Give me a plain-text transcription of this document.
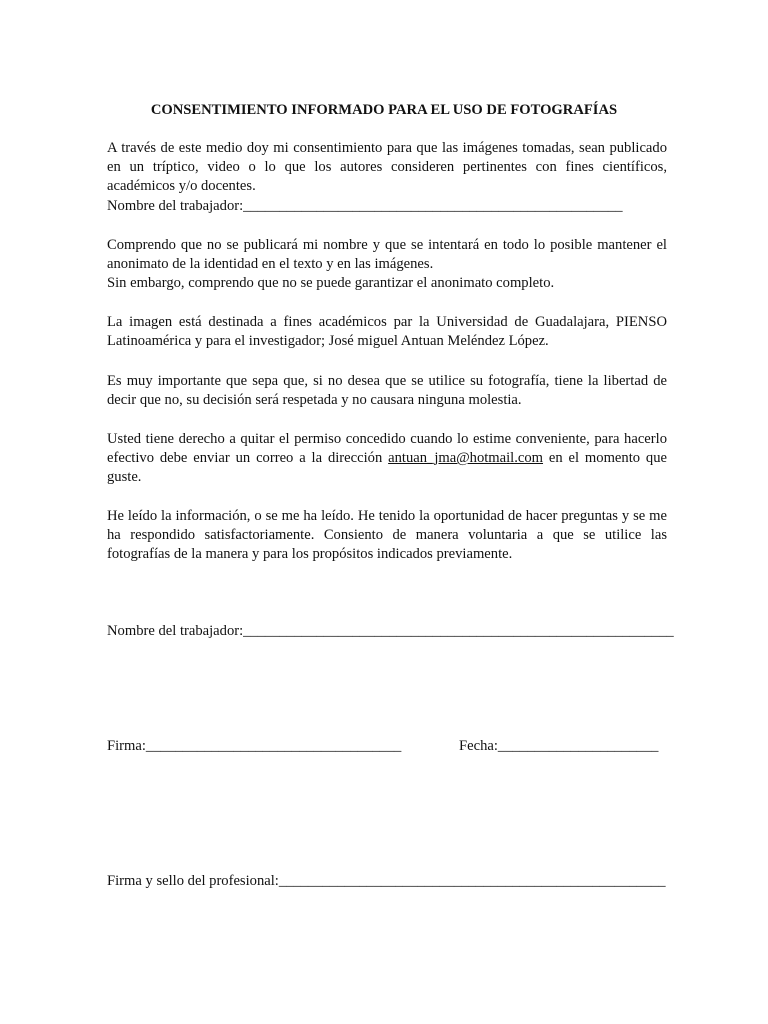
CONSENTIMIENTO INFORMADO PARA EL USO DE FOTOGRAFÍAS

A través de este medio doy mi consentimiento para que las imágenes tomadas, sean publicado en un tríptico, video o lo que los autores consideren pertinentes con fines científicos, académicos y/o docentes.

Nombre del trabajador:____________________________________________________

Comprendo que no se publicará mi nombre y que se intentará en todo lo posible mantener el anonimato de la identidad en el texto y en las imágenes.

Sin embargo, comprendo que no se puede garantizar el anonimato completo.

La imagen está destinada a fines académicos par la Universidad de Guadalajara, PIENSO Latinoamérica y para el investigador; José miguel Antuan Meléndez López.

Es muy importante que sepa que, si no desea que se utilice su fotografía, tiene la libertad de decir que no, su decisión será respetada y no causara ninguna molestia.

Usted tiene derecho a quitar el permiso concedido cuando lo estime conveniente, para hacerlo efectivo debe enviar un correo a la dirección antuan_jma@hotmail.com en el momento que guste.

He leído la información, o se me ha leído. He tenido la oportunidad de hacer preguntas y se me ha respondido satisfactoriamente. Consiento de manera voluntaria a que se utilice las fotografías de la manera y para los propósitos indicados previamente.

Nombre del trabajador:___________________________________________________________
Firma:___________________________________	Fecha:______________________
Firma y sello del profesional:_____________________________________________________
